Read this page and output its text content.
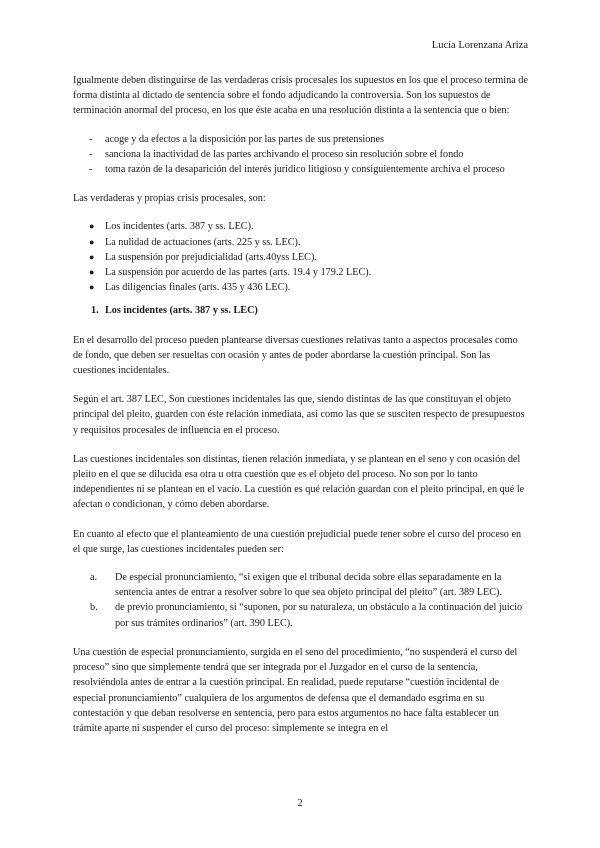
Lucía Lorenzana Ariza

Igualmente deben distinguirse de las verdaderas crisis procesales los supuestos en los que el proceso termina de forma distinta al dictado de sentencia sobre el fondo adjudicando la controversia. Son los supuestos de terminación anormal del proceso, en los que éste acaba en una resolución distinta a la sentencia que o bien:

- acoge y da efectos a la disposición por las partes de sus pretensiones
- sanciona la inactividad de las partes archivando el proceso sin resolución sobre el fondo
- toma razón de la desaparición del interés jurídico litigioso y consiguientemente archiva el proceso

Las verdaderas y propias crisis procesales, son:

● Los incidentes (arts. 387 y ss. LEC).
● La nulidad de actuaciones (arts. 225 y ss. LEC).
● La suspensión por prejudicialidad (arts.40yss LEC).
● La suspensión por acuerdo de las partes (arts. 19.4 y 179.2 LEC).
● Las diligencias finales (arts. 435 y 436 LEC).
1. Los incidentes (arts. 387 y ss. LEC)

En el desarrollo del proceso pueden plantearse diversas cuestiones relativas tanto a aspectos procesales como de fondo, que deben ser resueltas con ocasión y antes de poder abordarse la cuestión principal. Son las cuestiones incidentales.

Según el art. 387 LEC, Son cuestiones incidentales las que, siendo distintas de las que constituyan el objeto principal del pleito, guarden con éste relación inmediata, así como las que se susciten respecto de presupuestos y requisitos procesales de influencia en el proceso.

Las cuestiones incidentales son distintas, tienen relación inmediata, y se plantean en el seno y con ocasión del pleito en el que se dilucida esa otra u otra cuestión que es el objeto del proceso. No son por lo tanto independientes ni se plantean en el vacío. La cuestión es qué relación guardan con el pleito principal, en qué le afectan o condicionan, y cómo deben abordarse.

En cuanto al efecto que el planteamiento de una cuestión prejudicial puede tener sobre el curso del proceso en el que surge, las cuestiones incidentales pueden ser:

a. De especial pronunciamiento, “si exigen que el tribunal decida sobre ellas separadamente en la sentencia antes de entrar a resolver sobre lo que sea objeto principal del pleito” (art. 389 LEC).
b. de previo pronunciamiento, si “suponen, por su naturaleza, un obstáculo a la continuación del juicio por sus trámites ordinarios” (art. 390 LEC).

Una cuestión de especial pronunciamiento, surgida en el seno del procedimiento, “no suspenderá el curso del proceso” sino que simplemente tendrá que ser integrada por el Juzgador en el curso de la sentencia, resolviéndola antes de entrar a la cuestión principal. En realidad, puede reputarse “cuestión incidental de especial pronunciamiento” cualquiera de los argumentos de defensa que el demandado esgrima en su contestación y que deban resolverse en sentencia, pero para estos argumentos no hace falta establecer un trámite aparte ni suspender el curso del proceso: simplemente se integra en el

2
